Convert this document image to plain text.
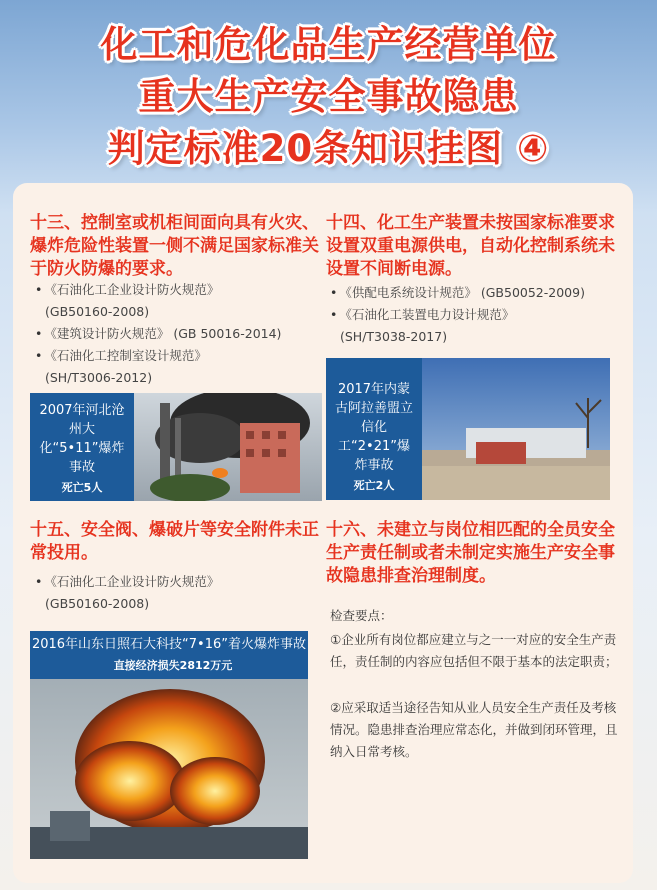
化工和危化品生产经营单位
重大生产安全事故隐患
判定标准20条知识挂图 ④
十三、控制室或机柜间面向具有火灾、爆炸危险性装置一侧不满足国家标准关于防火防爆的要求。
• 《石油化工企业设计防火规范》
(GB50160-2008)
• 《建筑设计防火规范》 (GB 50016-2014)
• 《石油化工控制室设计规范》
(SH/T3006-2012)
2007年河北沧州大化“5•11”爆炸事故
死亡5人
十四、化工生产装置未按国家标准要求设置双重电源供电，自动化控制系统未设置不间断电源。
• 《供配电系统设计规范》 (GB50052-2009)
• 《石油化工装置电力设计规范》
(SH/T3038-2017)
2017年内蒙古阿拉善盟立信化工“2•21”爆炸事故
死亡2人
十五、安全阀、爆破片等安全附件未正常投用。
• 《石油化工企业设计防火规范》
(GB50160-2008)
2016年山东日照石大科技“7•16”着火爆炸事故
直接经济损失2812万元
十六、未建立与岗位相匹配的全员安全生产责任制或者未制定实施生产安全事故隐患排查治理制度。
检查要点：
①企业所有岗位都应建立与之一一对应的安全生产责任，责任制的内容应包括但不限于基本的法定职责；
②应采取适当途径告知从业人员安全生产责任及考核情况。隐患排查治理应常态化，并做到闭环管理，且纳入日常考核。
